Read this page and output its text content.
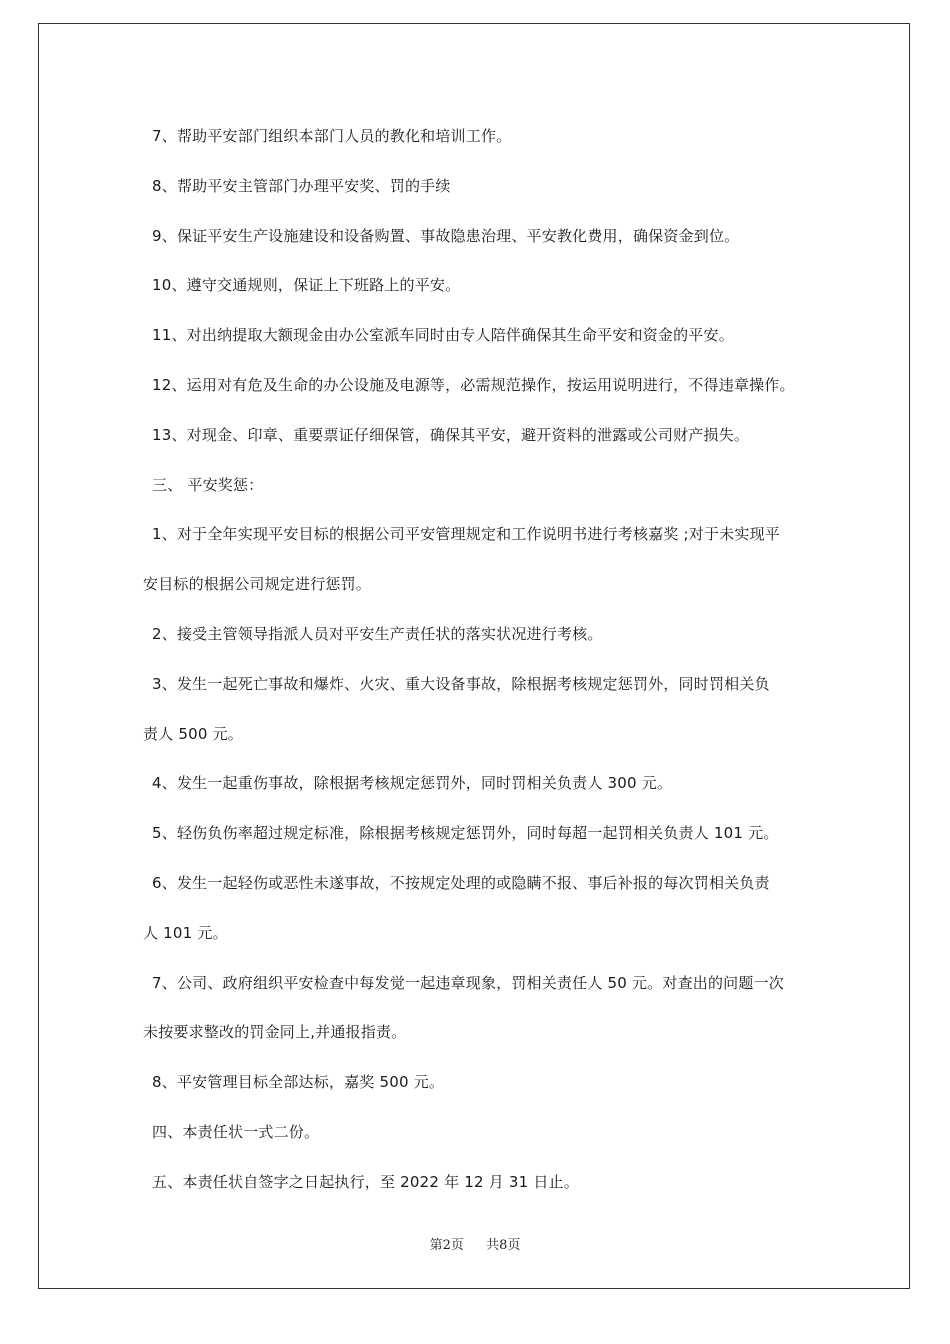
7、帮助平安部门组织本部门人员的教化和培训工作。
8、帮助平安主管部门办理平安奖、罚的手续
9、保证平安生产设施建设和设备购置、事故隐患治理、平安教化费用，确保资金到位。
10、遵守交通规则，保证上下班路上的平安。
11、对出纳提取大额现金由办公室派车同时由专人陪伴确保其生命平安和资金的平安。
12、运用对有危及生命的办公设施及电源等，必需规范操作，按运用说明进行，不得违章操作。
13、对现金、印章、重要票证仔细保管，确保其平安，避开资料的泄露或公司财产损失。
三、 平安奖惩：
1、对于全年实现平安目标的根据公司平安管理规定和工作说明书进行考核嘉奖 ;对于未实现平
安目标的根据公司规定进行惩罚。
2、接受主管领导指派人员对平安生产责任状的落实状况进行考核。
3、发生一起死亡事故和爆炸、火灾、重大设备事故，除根据考核规定惩罚外，同时罚相关负
责人 500 元。
4、发生一起重伤事故，除根据考核规定惩罚外，同时罚相关负责人 300 元。
5、轻伤负伤率超过规定标准，除根据考核规定惩罚外，同时每超一起罚相关负责人 101 元。
6、发生一起轻伤或恶性未遂事故，不按规定处理的或隐瞒不报、事后补报的每次罚相关负责
人 101 元。
7、公司、政府组织平安检查中每发觉一起违章现象，罚相关责任人 50 元。对查出的问题一次
未按要求整改的罚金同上,并通报指责。
8、平安管理目标全部达标，嘉奖 500 元。
四、本责任状一式二份。
五、本责任状自签字之日起执行，至 2022 年 12 月 31 日止。
第2页 共8页
